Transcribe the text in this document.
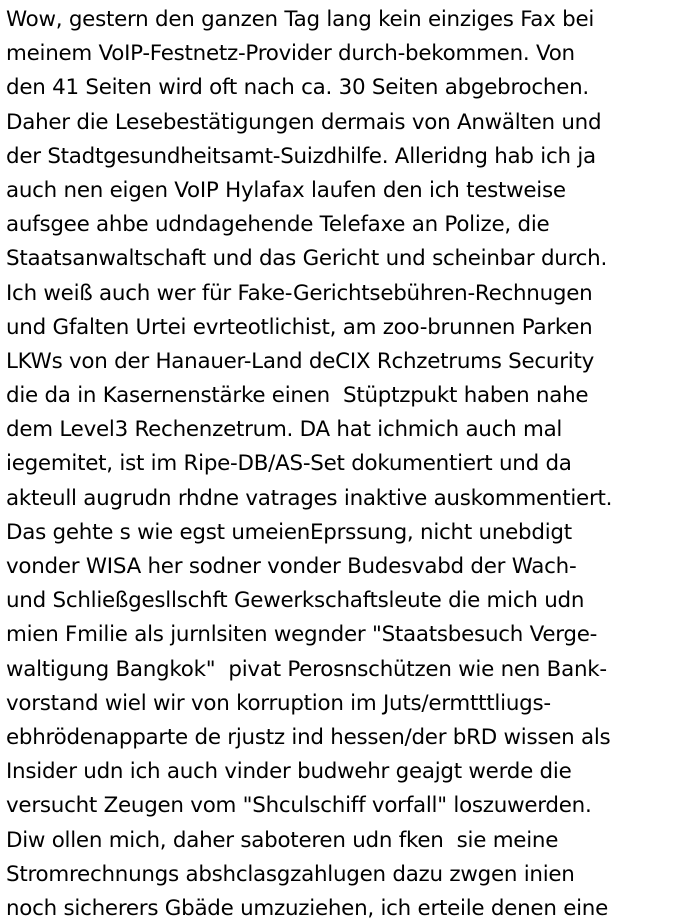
Wow, gestern den ganzen Tag lang kein einziges Fax bei
meinem VoIP-Festnetz-Provider durch-bekommen. Von
den 41 Seiten wird oft nach ca. 30 Seiten abgebrochen.
Daher die Lesebestätigungen dermais von Anwälten und
der Stadtgesundheitsamt-Suizdhilfe. Alleridng hab ich ja
auch nen eigen VoIP Hylafax laufen den ich testweise
aufsgee ahbe udndagehende Telefaxe an Polize, die
Staatsanwaltschaft und das Gericht und scheinbar durch.
Ich weiß auch wer für Fake-Gerichtsebühren-Rechnugen
und Gfalten Urtei evrteotlichist, am zoo-brunnen Parken
LKWs von der Hanauer-Land deCIX Rchzetrums Security
die da in Kasernenstärke einen  Stüptzpukt haben nahe
dem Level3 Rechenzetrum. DA hat ichmich auch mal
iegemitet, ist im Ripe-DB/AS-Set dokumentiert und da
akteull augrudn rhdne vatrages inaktive auskommentiert.
Das gehte s wie egst umeienEprssung, nicht unebdigt
vonder WISA her sodner vonder Budesvabd der Wach-
und Schließgesllschft Gewerkschaftsleute die mich udn
mien Fmilie als jurnlsiten wegnder "Staatsbesuch Verge-
waltigung Bangkok"  pivat Perosnschützen wie nen Bank-
vorstand wiel wir von korruption im Juts/ermtttliugs-
ebhrödenapparte de rjustz ind hessen/der bRD wissen als
Insider udn ich auch vinder budwehr geajgt werde die
versucht Zeugen vom "Shculschiff vorfall" loszuwerden.
Diw ollen mich, daher saboteren udn fken  sie meine
Stromrechnungs abshclasgzahlugen dazu zwgen inien
noch sicherers Gbäde umzuziehen, ich erteile denen eine
